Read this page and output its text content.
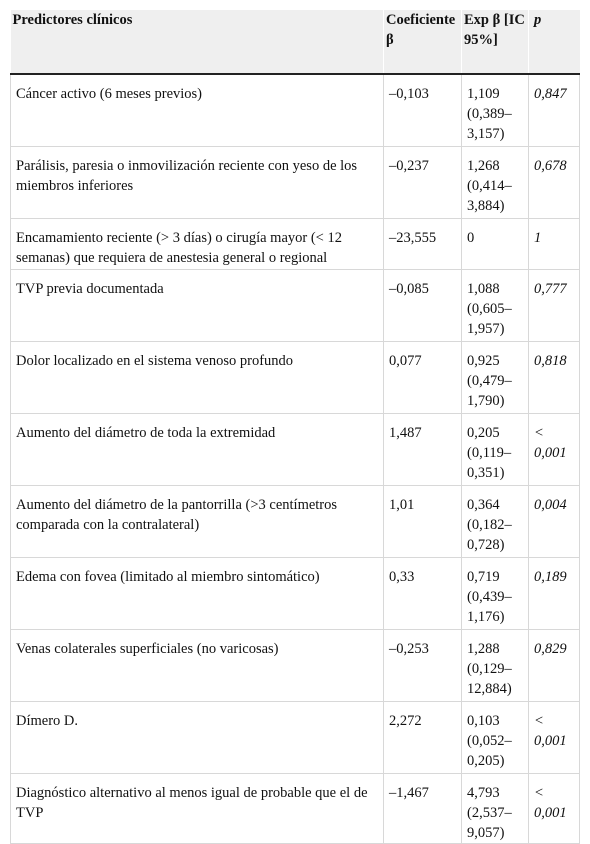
Predictores clínicos	Coeficiente β	Exp β [IC 95%]	p
Cáncer activo (6 meses previos)	–0,103	1,109 (0,389–3,157)	0,847
Parálisis, paresia o inmovilización reciente con yeso de los miembros inferiores	–0,237	1,268 (0,414–3,884)	0,678
Encamamiento reciente (> 3 días) o cirugía mayor (< 12 semanas) que requiera de anestesia general o regional	–23,555	0	1
TVP previa documentada	–0,085	1,088 (0,605–1,957)	0,777
Dolor localizado en el sistema venoso profundo	0,077	0,925 (0,479–1,790)	0,818
Aumento del diámetro de toda la extremidad	1,487	0,205 (0,119–0,351)	< 0,001
Aumento del diámetro de la pantorrilla (>3 centímetros comparada con la contralateral)	1,01	0,364 (0,182–0,728)	0,004
Edema con fovea (limitado al miembro sintomático)	0,33	0,719 (0,439–1,176)	0,189
Venas colaterales superficiales (no varicosas)	–0,253	1,288 (0,129–12,884)	0,829
Dímero D.	2,272	0,103 (0,052–0,205)	< 0,001
Diagnóstico alternativo al menos igual de probable que el de TVP	–1,467	4,793 (2,537–9,057)	< 0,001
